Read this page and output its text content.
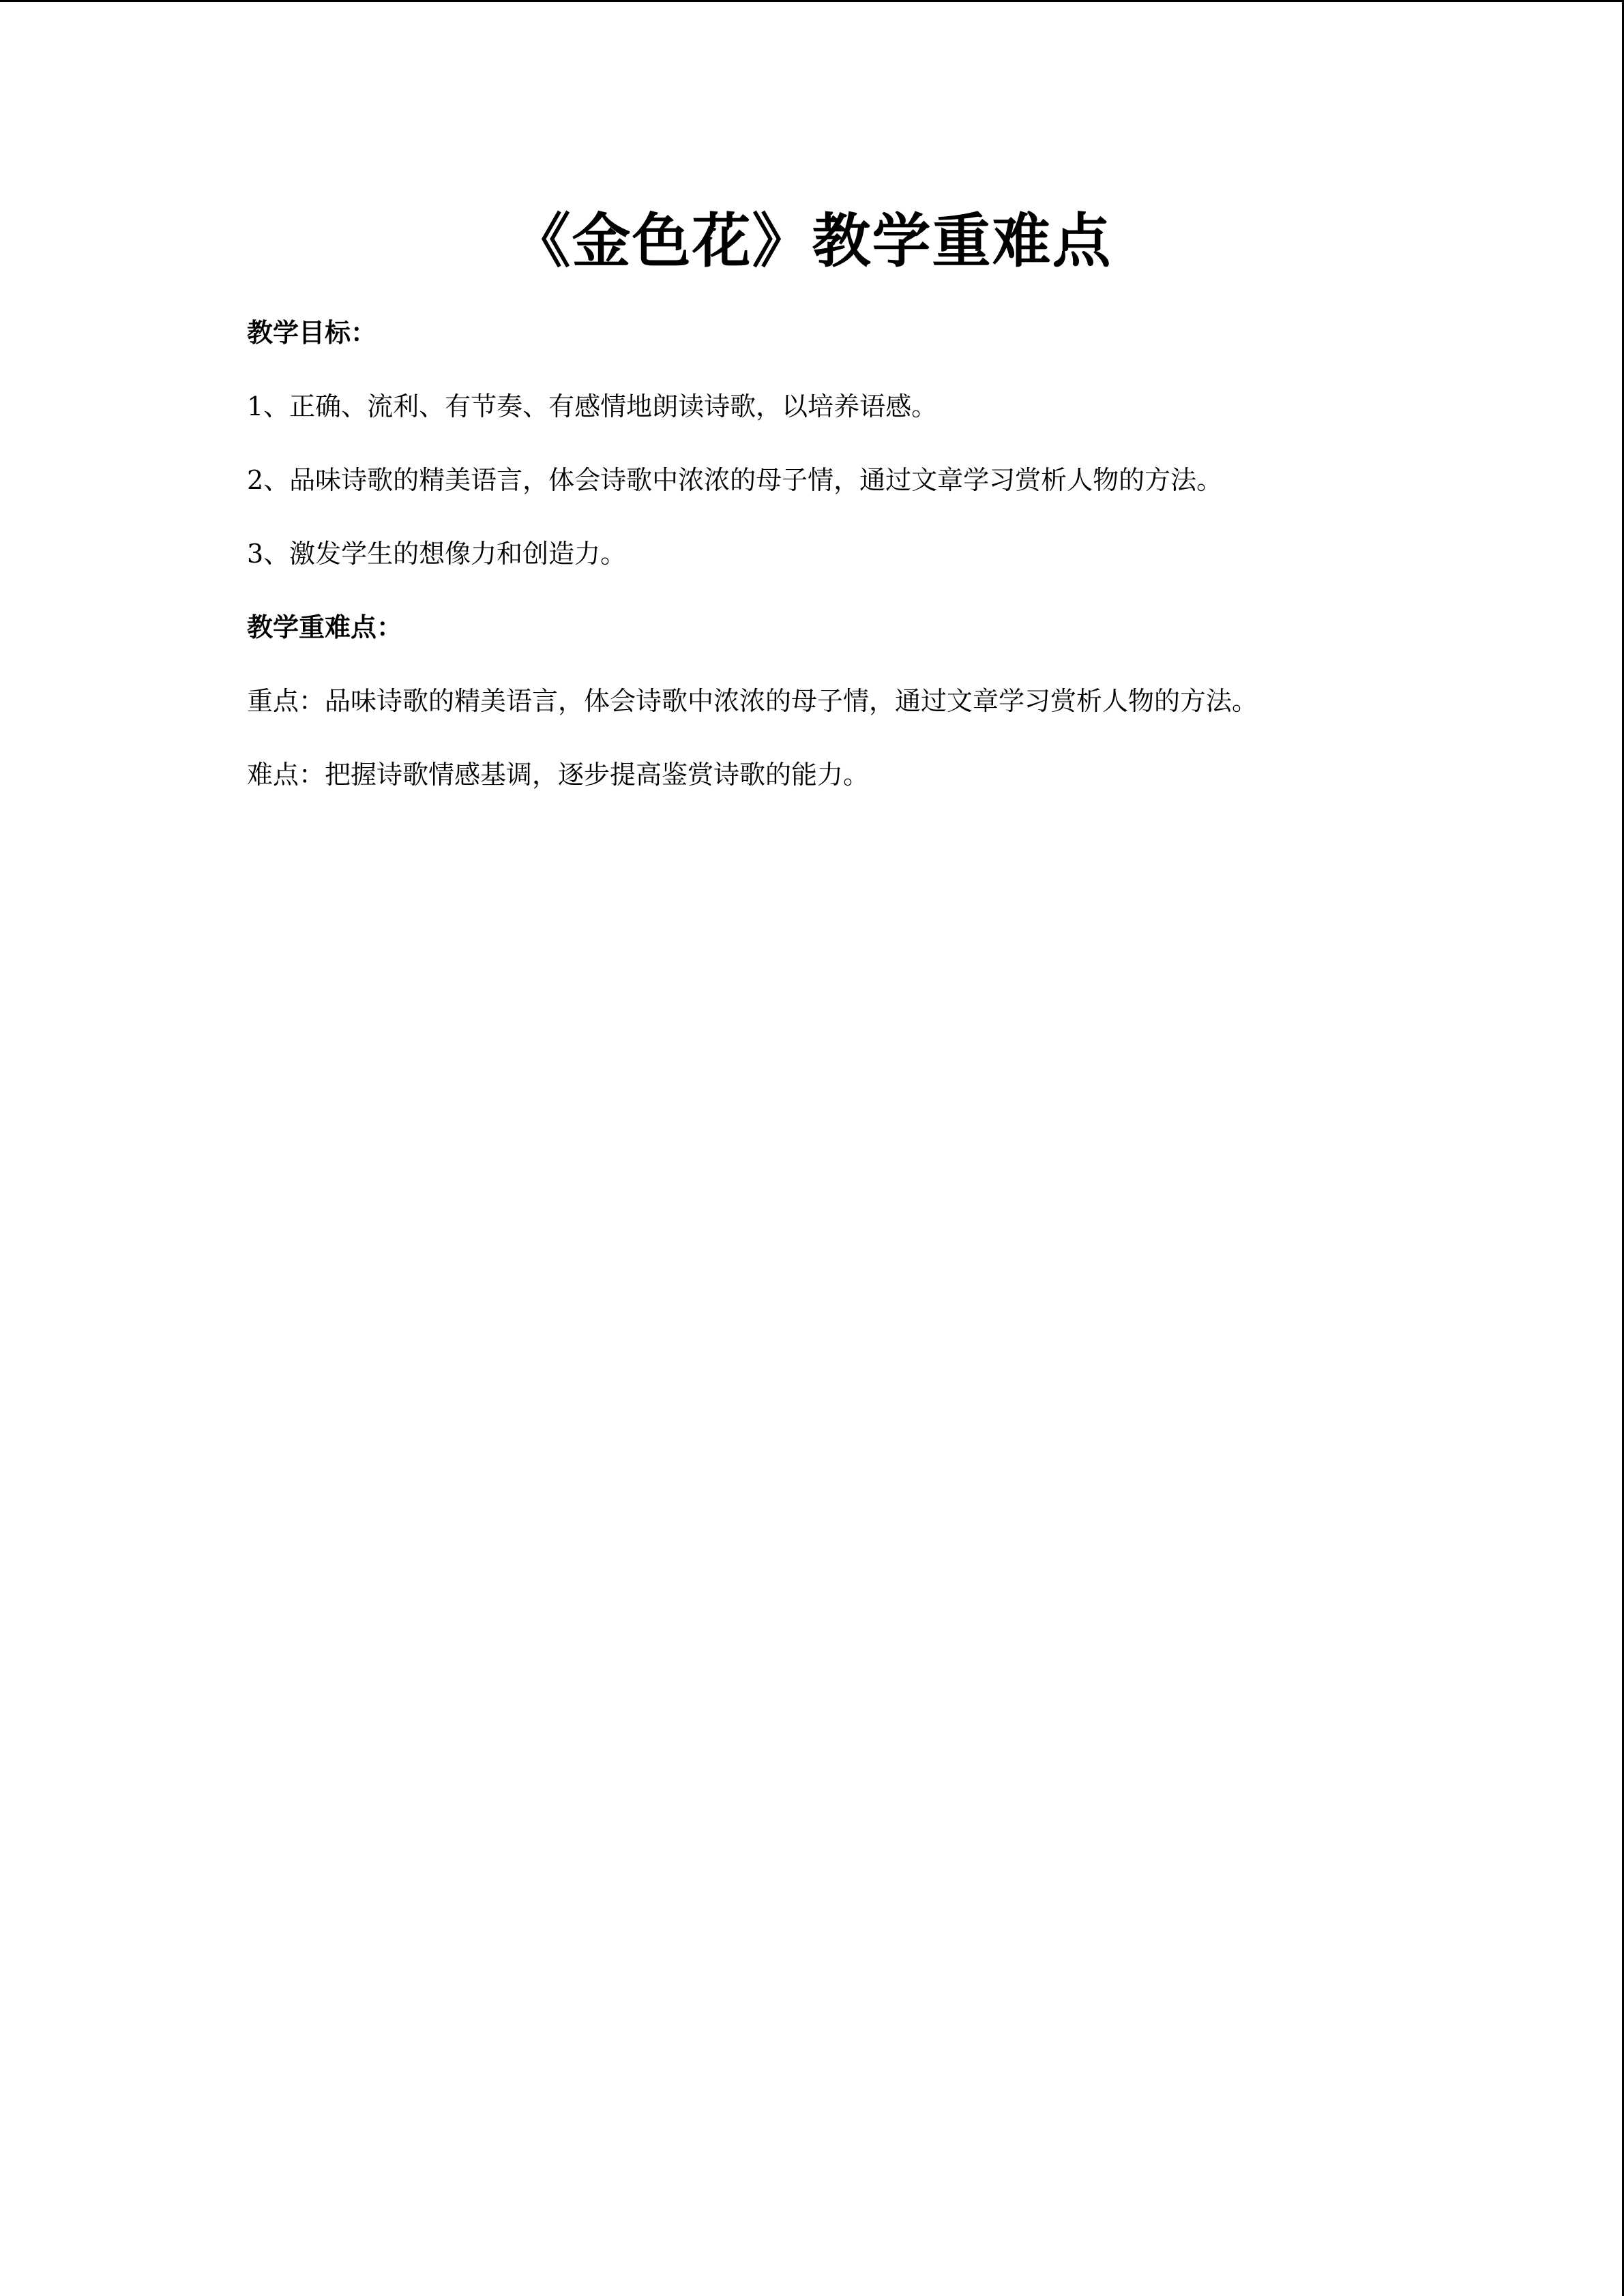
《金色花》教学重难点

教学目标：

1、正确、流利、有节奏、有感情地朗读诗歌，以培养语感。

2、品味诗歌的精美语言，体会诗歌中浓浓的母子情，通过文章学习赏析人物的方法。

3、激发学生的想像力和创造力。

教学重难点：

重点：品味诗歌的精美语言，体会诗歌中浓浓的母子情，通过文章学习赏析人物的方法。

难点：把握诗歌情感基调，逐步提高鉴赏诗歌的能力。
